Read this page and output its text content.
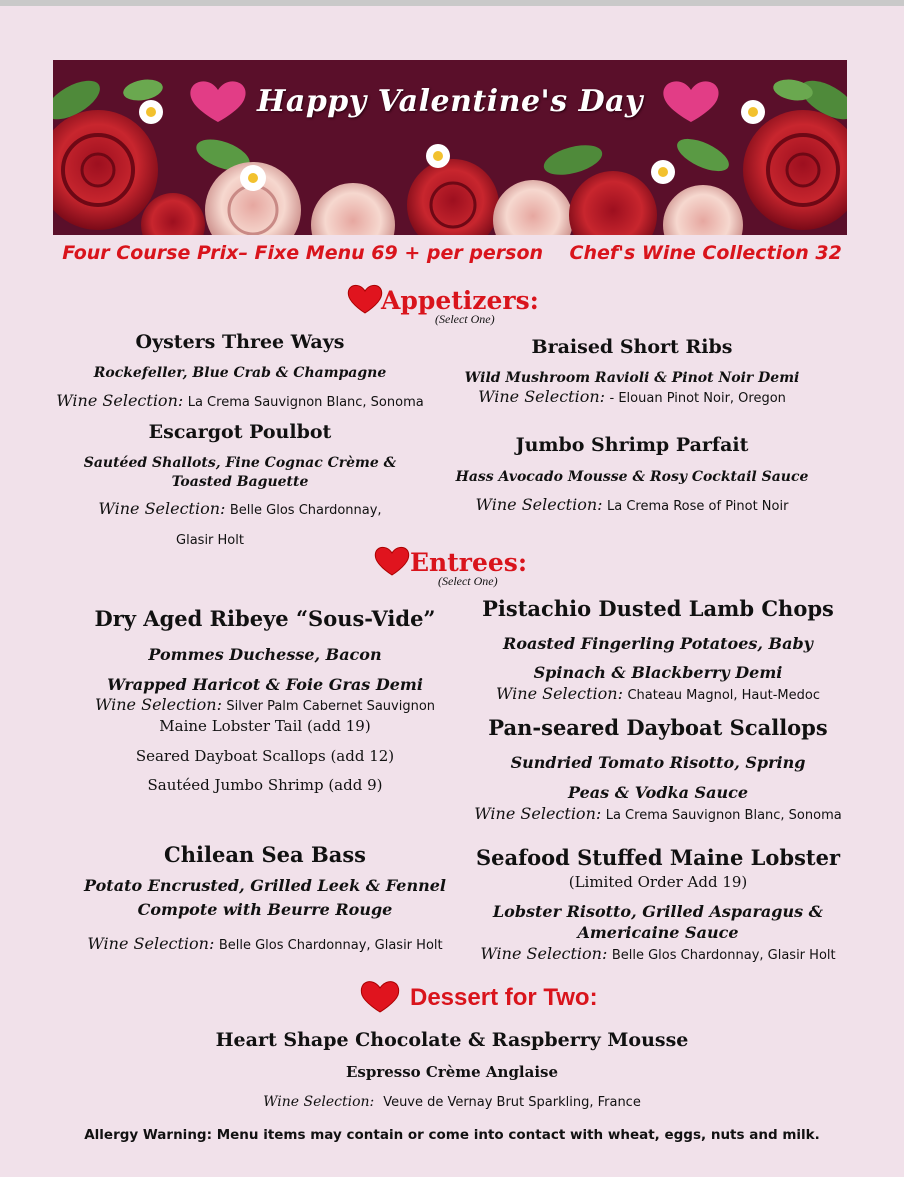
Happy Valentine's Day
Four Course Prix– Fixe Menu 69 + per person    Chef's Wine Collection 32
Appetizers:
(Select One)
Oysters Three Ways
Rockefeller, Blue Crab & Champagne
Wine Selection: La Crema Sauvignon Blanc, Sonoma
Escargot Poulbot
Sautéed Shallots, Fine Cognac Crème &
Toasted Baguette
Wine Selection: Belle Glos Chardonnay,
Glasir Holt
Braised Short Ribs
Wild Mushroom Ravioli & Pinot Noir Demi
Wine Selection: - Elouan Pinot Noir, Oregon
Jumbo Shrimp Parfait
Hass Avocado Mousse & Rosy Cocktail Sauce
Wine Selection: La Crema Rose of Pinot Noir
Entrees:
(Select One)
Dry Aged Ribeye “Sous-Vide”
Pommes Duchesse, Bacon
Wrapped Haricot & Foie Gras Demi
Wine Selection: Silver Palm Cabernet Sauvignon
Maine Lobster Tail (add 19)
Seared Dayboat Scallops (add 12)
Sautéed Jumbo Shrimp (add 9)
Chilean Sea Bass
Potato Encrusted, Grilled Leek & Fennel
Compote with Beurre Rouge
Wine Selection: Belle Glos Chardonnay, Glasir Holt
Pistachio Dusted Lamb Chops
Roasted Fingerling Potatoes, Baby
Spinach & Blackberry Demi
Wine Selection: Chateau Magnol, Haut-Medoc
Pan-seared Dayboat Scallops
Sundried Tomato Risotto, Spring
Peas & Vodka Sauce
Wine Selection: La Crema Sauvignon Blanc, Sonoma
Seafood Stuffed Maine Lobster
(Limited Order Add 19)
Lobster Risotto, Grilled Asparagus &
Americaine Sauce
Wine Selection: Belle Glos Chardonnay, Glasir Holt
Dessert for Two:
Heart Shape Chocolate & Raspberry Mousse
Espresso Crème Anglaise
Wine Selection: Veuve de Vernay Brut Sparkling, France
Allergy Warning: Menu items may contain or come into contact with wheat, eggs, nuts and milk.
